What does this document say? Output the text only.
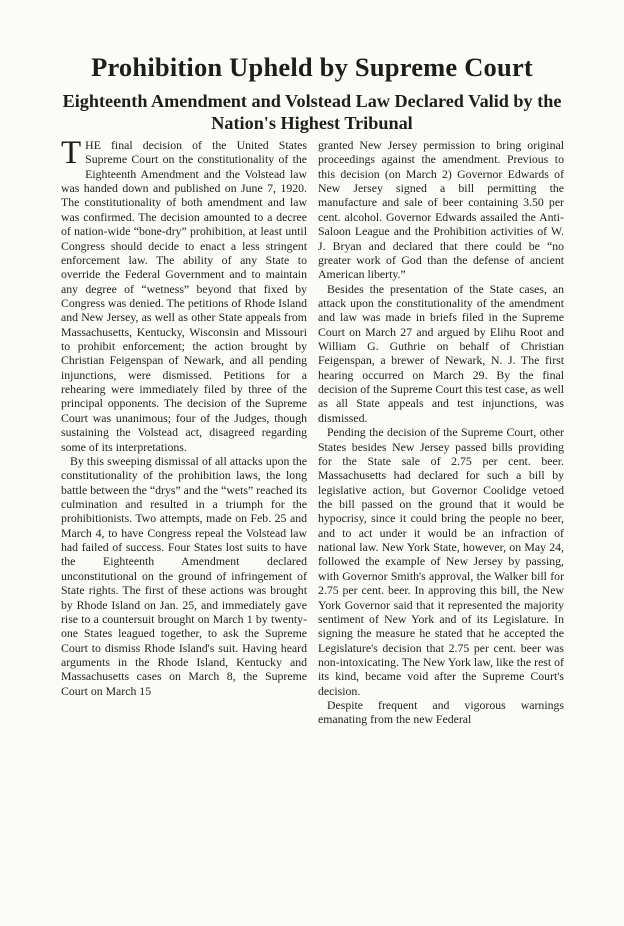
Prohibition Upheld by Supreme Court
Eighteenth Amendment and Volstead Law Declared Valid by the Nation's Highest Tribunal

THE final decision of the United States Supreme Court on the constitutionality of the Eighteenth Amendment and the Volstead law was handed down and published on June 7, 1920. The constitutionality of both amendment and law was confirmed. The decision amounted to a decree of nation-wide “bone-dry” prohibition, at least until Congress should decide to enact a less stringent enforcement law. The ability of any State to override the Federal Government and to maintain any degree of “wetness” beyond that fixed by Congress was denied. The petitions of Rhode Island and New Jersey, as well as other State appeals from Massachusetts, Kentucky, Wisconsin and Missouri to prohibit enforcement; the action brought by Christian Feigenspan of Newark, and all pending injunctions, were dismissed. Petitions for a rehearing were immediately filed by three of the principal opponents. The decision of the Supreme Court was unanimous; four of the Judges, though sustaining the Volstead act, disagreed regarding some of its interpretations.

By this sweeping dismissal of all attacks upon the constitutionality of the prohibition laws, the long battle between the “drys” and the “wets” reached its culmination and resulted in a triumph for the prohibitionists. Two attempts, made on Feb. 25 and March 4, to have Congress repeal the Volstead law had failed of success. Four States lost suits to have the Eighteenth Amendment declared unconstitutional on the ground of infringement of State rights. The first of these actions was brought by Rhode Island on Jan. 25, and immediately gave rise to a countersuit brought on March 1 by twenty-one States leagued together, to ask the Supreme Court to dismiss Rhode Island's suit. Having heard arguments in the Rhode Island, Kentucky and Massachusetts cases on March 8, the Supreme Court on March 15

granted New Jersey permission to bring original proceedings against the amendment. Previous to this decision (on March 2) Governor Edwards of New Jersey signed a bill permitting the manufacture and sale of beer containing 3.50 per cent. alcohol. Governor Edwards assailed the Anti-Saloon League and the Prohibition activities of W. J. Bryan and declared that there could be “no greater work of God than the defense of ancient American liberty.”

Besides the presentation of the State cases, an attack upon the constitutionality of the amendment and law was made in briefs filed in the Supreme Court on March 27 and argued by Elihu Root and William G. Guthrie on behalf of Christian Feigenspan, a brewer of Newark, N. J. The first hearing occurred on March 29. By the final decision of the Supreme Court this test case, as well as all State appeals and test injunctions, was dismissed.

Pending the decision of the Supreme Court, other States besides New Jersey passed bills providing for the State sale of 2.75 per cent. beer. Massachusetts had declared for such a bill by legislative action, but Governor Coolidge vetoed the bill passed on the ground that it would be hypocrisy, since it could bring the people no beer, and to act under it would be an infraction of national law. New York State, however, on May 24, followed the example of New Jersey by passing, with Governor Smith's approval, the Walker bill for 2.75 per cent. beer. In approving this bill, the New York Governor said that it represented the majority sentiment of New York and of its Legislature. In signing the measure he stated that he accepted the Legislature's decision that 2.75 per cent. beer was non-intoxicating. The New York law, like the rest of its kind, became void after the Supreme Court's decision.

Despite frequent and vigorous warnings emanating from the new Federal
